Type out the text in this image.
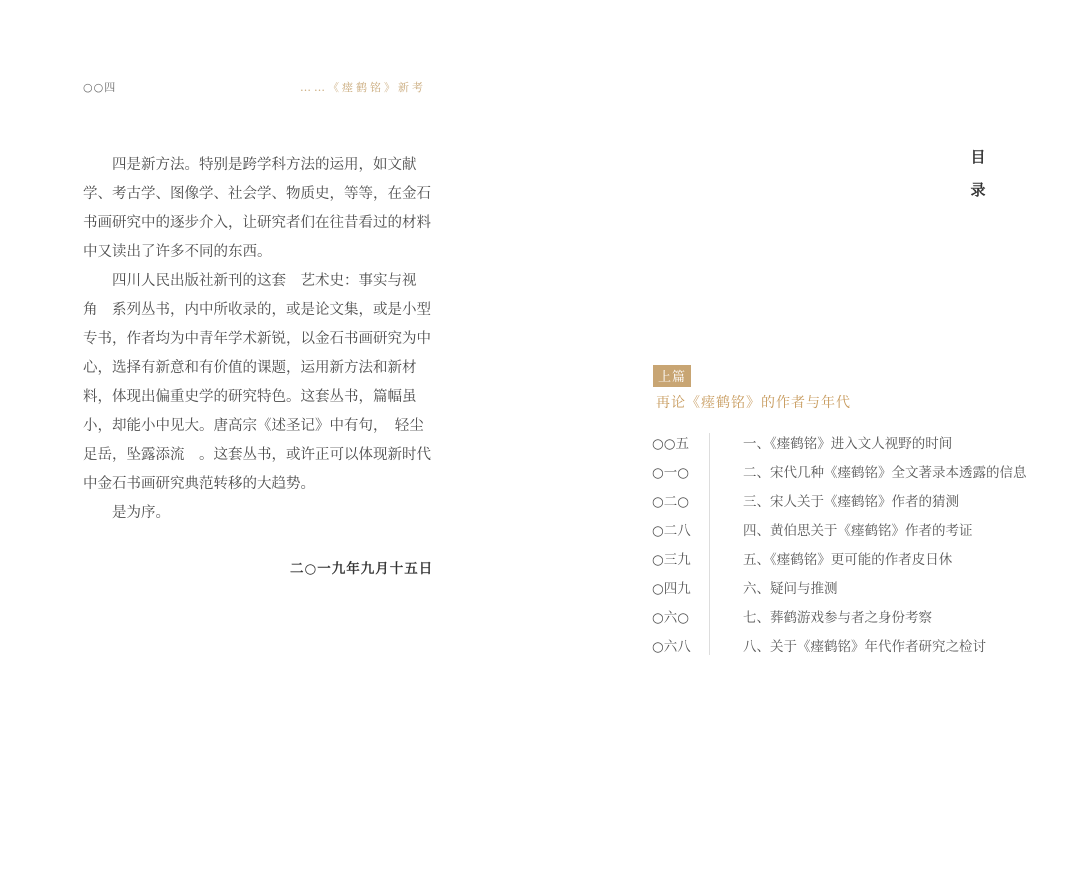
○○四	……《瘗鹤铭》新考

　　四是新方法。特别是跨学科方法的运用，如文献

学、考古学、图像学、社会学、物质史，等等，在金石

书画研究中的逐步介入，让研究者们在往昔看过的材料

中又读出了许多不同的东西。

　　四川人民出版社新刊的这套　艺术史：事实与视

角　系列丛书，内中所收录的，或是论文集，或是小型

专书，作者均为中青年学术新锐，以金石书画研究为中

心，选择有新意和有价值的课题，运用新方法和新材

料，体现出偏重史学的研究特色。这套丛书，篇幅虽

小，却能小中见大。唐高宗《述圣记》中有句，　轻尘

足岳，坠露添流　。这套丛书，或许正可以体现新时代

中金石书画研究典范转移的大趋势。

　　是为序。

二○一九年九月十五日
目
录
上篇
再论《瘗鹤铭》的作者与年代
○○五	一、《瘗鹤铭》进入文人视野的时间
○一○	二、宋代几种《瘗鹤铭》全文著录本透露的信息
○二○	三、宋人关于《瘗鹤铭》作者的猜测
○二八	四、黄伯思关于《瘗鹤铭》作者的考证
○三九	五、《瘗鹤铭》更可能的作者皮日休
○四九	六、疑问与推测
○六○	七、葬鹤游戏参与者之身份考察
○六八	八、关于《瘗鹤铭》年代作者研究之检讨
